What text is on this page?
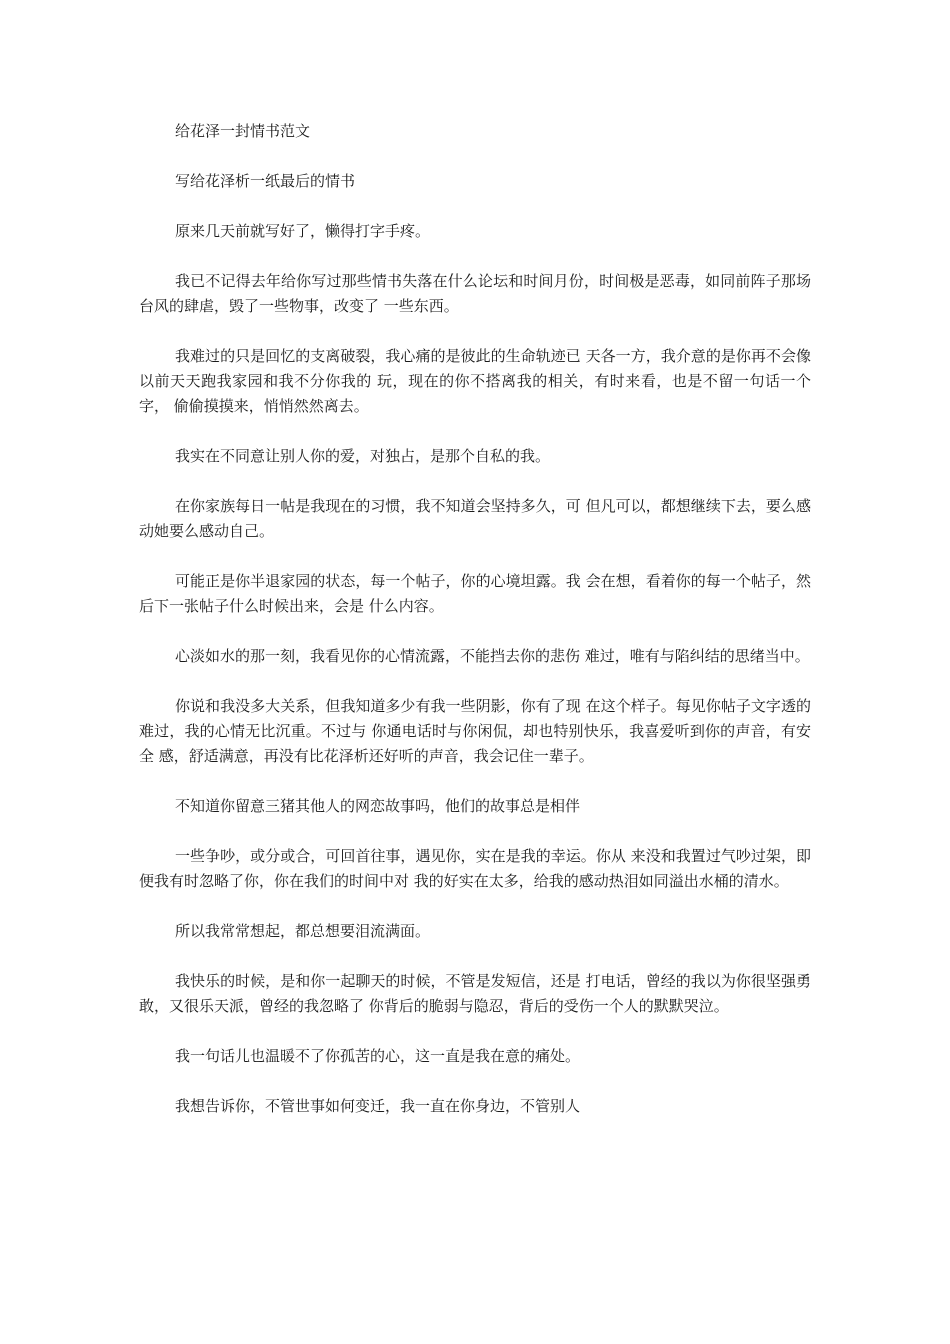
给花泽一封情书范文

写给花泽析一纸最后的情书

原来几天前就写好了，懒得打字手疼。

我已不记得去年给你写过那些情书失落在什么论坛和时间月份，时间极是恶毒，如同前阵子那场台风的肆虐，毁了一些物事，改变了 一些东西。

我难过的只是回忆的支离破裂，我心痛的是彼此的生命轨迹已 天各一方，我介意的是你再不会像以前天天跑我家园和我不分你我的 玩，现在的你不搭离我的相关，有时来看，也是不留一句话一个字， 偷偷摸摸来，悄悄然然离去。

我实在不同意让别人你的爱，对独占，是那个自私的我。

在你家族每日一帖是我现在的习惯，我不知道会坚持多久，可 但凡可以，都想继续下去，要么感动她要么感动自己。

可能正是你半退家园的状态，每一个帖子，你的心境坦露。我 会在想，看着你的每一个帖子，然后下一张帖子什么时候出来，会是 什么内容。

心淡如水的那一刻，我看见你的心情流露，不能挡去你的悲伤 难过，唯有与陷纠结的思绪当中。

你说和我没多大关系，但我知道多少有我一些阴影，你有了现 在这个样子。每见你帖子文字透的难过，我的心情无比沉重。不过与 你通电话时与你闲侃，却也特别快乐，我喜爱听到你的声音，有安全 感，舒适满意，再没有比花泽析还好听的声音，我会记住一辈子。

不知道你留意三猪其他人的网恋故事吗，他们的故事总是相伴

一些争吵，或分或合，可回首往事，遇见你，实在是我的幸运。你从 来没和我置过气吵过架，即便我有时忽略了你，你在我们的时间中对 我的好实在太多，给我的感动热泪如同溢出水桶的清水。

所以我常常想起，都总想要泪流满面。

我快乐的时候，是和你一起聊天的时候，不管是发短信，还是 打电话，曾经的我以为你很坚强勇敢，又很乐天派，曾经的我忽略了 你背后的脆弱与隐忍，背后的受伤一个人的默默哭泣。

我一句话儿也温暖不了你孤苦的心，这一直是我在意的痛处。

我想告诉你，不管世事如何变迁，我一直在你身边，不管别人
